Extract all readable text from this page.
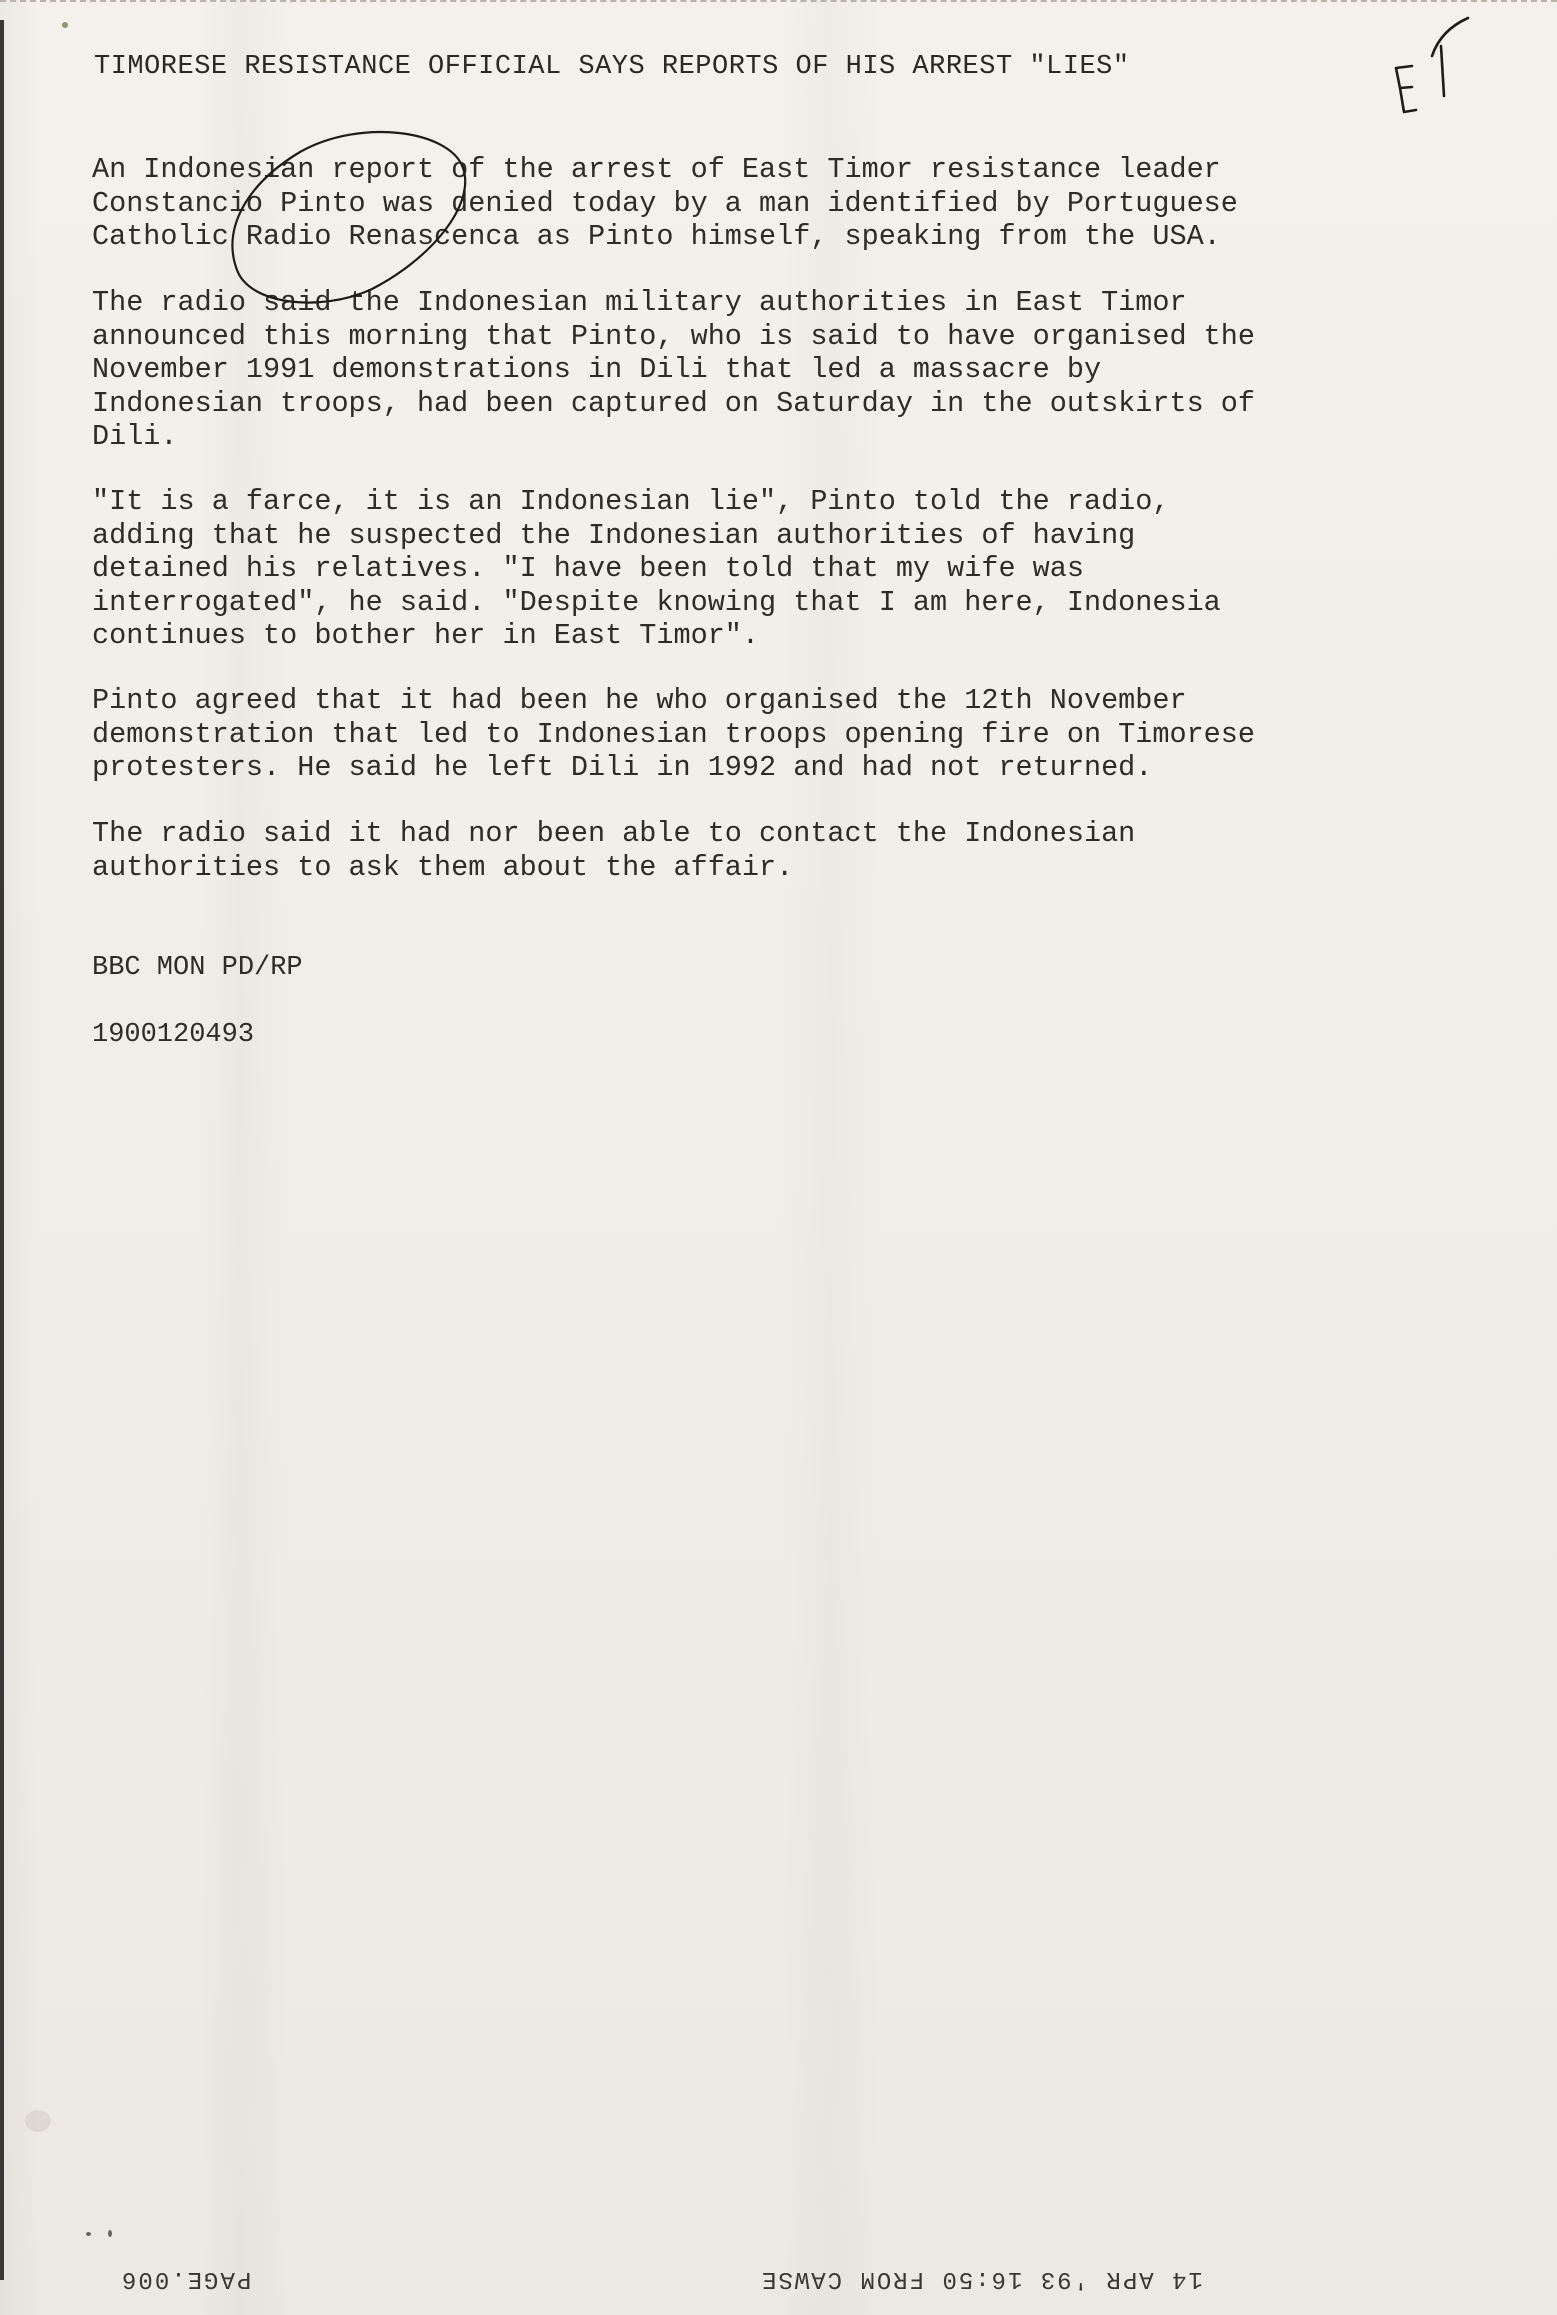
TIMORESE RESISTANCE OFFICIAL SAYS REPORTS OF HIS ARREST "LIES"
An Indonesian report of the arrest of East Timor resistance leader
Constancio Pinto was denied today by a man identified by Portuguese
Catholic Radio Renascenca as Pinto himself, speaking from the USA.
The radio said the Indonesian military authorities in East Timor
announced this morning that Pinto, who is said to have organised the
November 1991 demonstrations in Dili that led a massacre by
Indonesian troops, had been captured on Saturday in the outskirts of
Dili.
"It is a farce, it is an Indonesian lie", Pinto told the radio,
adding that he suspected the Indonesian authorities of having
detained his relatives. "I have been told that my wife was
interrogated", he said. "Despite knowing that I am here, Indonesia
continues to bother her in East Timor".
Pinto agreed that it had been he who organised the 12th November
demonstration that led to Indonesian troops opening fire on Timorese
protesters. He said he left Dili in 1992 and had not returned.
The radio said it had nor been able to contact the Indonesian
authorities to ask them about the affair.
BBC MON PD/RP
1900120493
PAGE.006	14 APR '93 16:50 FROM CAWSE
